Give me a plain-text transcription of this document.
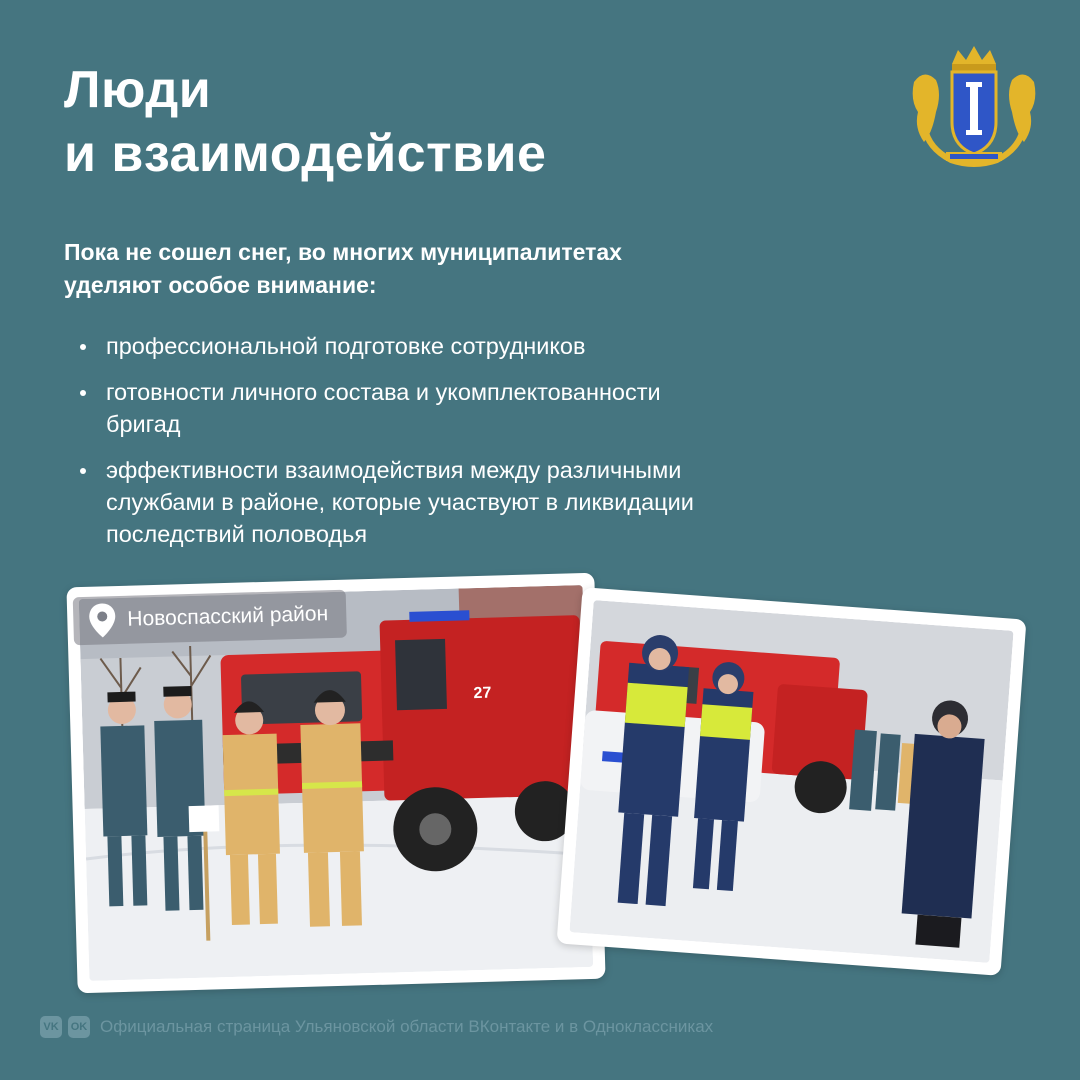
Люди
и взаимодействие
Пока не сошел снег, во многих муниципалитетах
уделяют особое внимание:
профессиональной подготовке сотрудников
готовности личного состава и укомплектованности
бригад
эффективности взаимодействия между различными
службами в районе, которые участвуют в ликвидации
последствий половодья
27
Новоспасский район
VK	OK Официальная страница Ульяновской области ВКонтакте и в Одноклассниках
